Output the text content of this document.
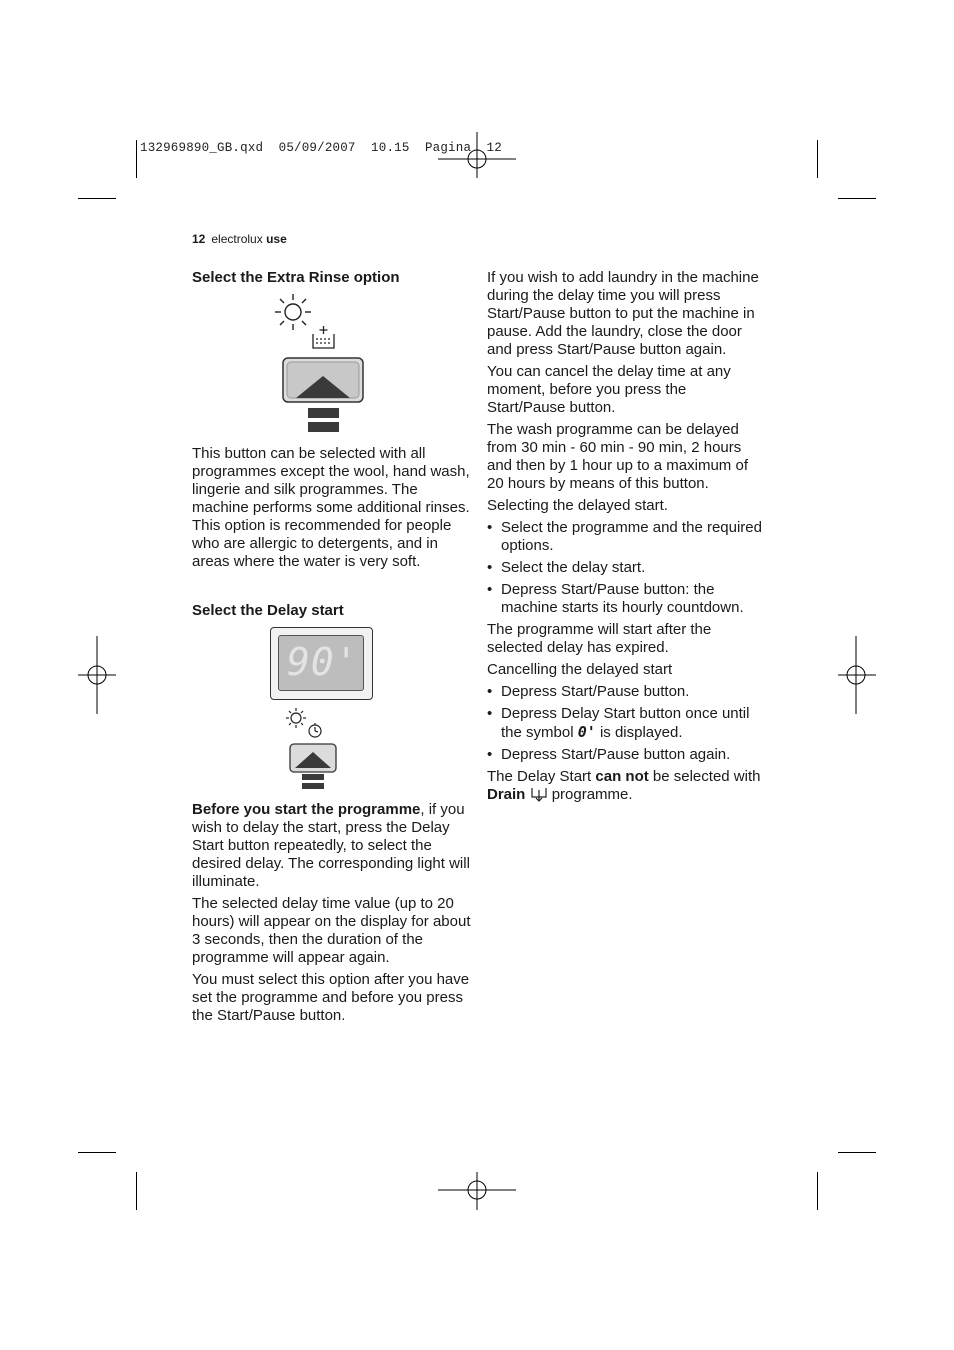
132969890_GB.qxd  05/09/2007  10.15  Pagina  12
12 electrolux use
Select the Extra Rinse option

This button can be selected with all programmes except the wool, hand wash, lingerie and silk programmes. The machine performs some additional rinses.

This option is recommended for people who are allergic to detergents, and in areas where the water is very soft.

Select the Delay start
90'

Before you start the programme, if you wish to delay the start, press the Delay Start button repeatedly, to select the desired delay. The corresponding light will illuminate.

The selected delay time value (up to 20 hours) will appear on the display for about 3 seconds, then the duration of the programme will appear again.

You must select this option after you have set the programme and before you press the Start/Pause button.

If you wish to add laundry in the machine during the delay time you will press Start/Pause button to put the machine in pause. Add the laundry, close the door and press Start/Pause button again.

You can cancel the delay time at any moment, before you press the Start/Pause button.

The wash programme can be delayed from 30 min - 60 min - 90 min, 2 hours and then by 1 hour up to a maximum of 20 hours by means of this button.

Selecting the delayed start.

• Select the programme and the required options.
• Select the delay start.
• Depress Start/Pause button: the machine starts its hourly countdown.

The programme will start after the selected delay has expired.

Cancelling the delayed start

• Depress Start/Pause button.
• Depress Delay Start button once until the symbol 0' is displayed.
• Depress Start/Pause button again.

The Delay Start can not be selected with Drain programme.
